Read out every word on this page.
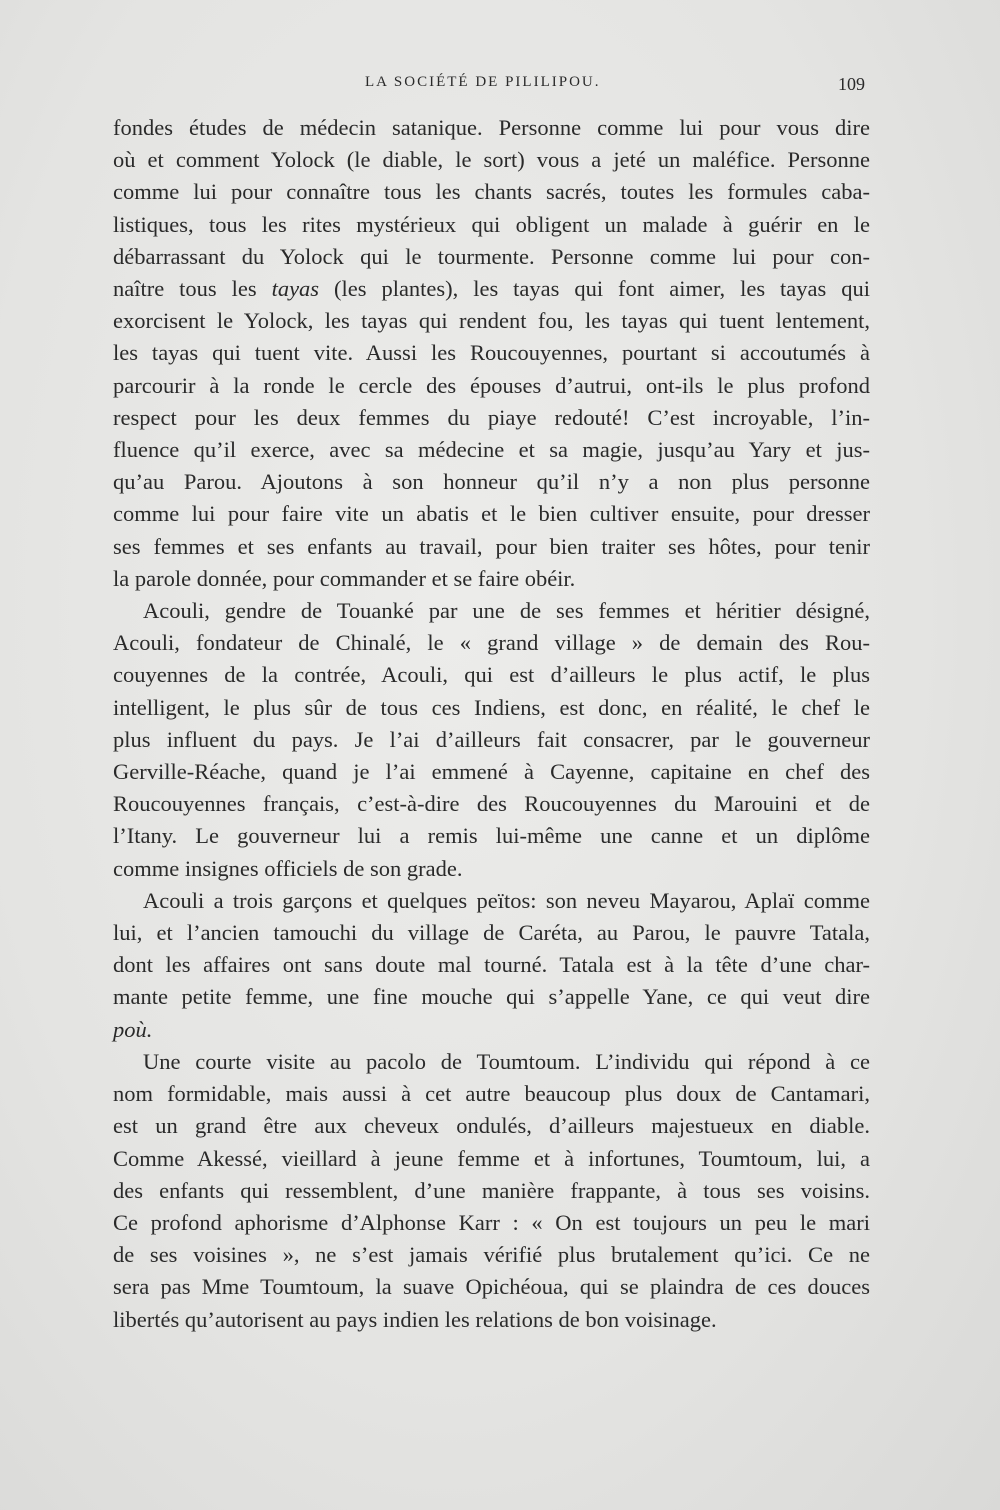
LA SOCIÉTÉ DE PILILIPOU.	109
fondes études de médecin satanique. Personne comme lui pour vous dire
où et comment Yolock (le diable, le sort) vous a jeté un maléfice. Personne
comme lui pour connaître tous les chants sacrés, toutes les formules caba-
listiques, tous les rites mystérieux qui obligent un malade à guérir en le
débarrassant du Yolock qui le tourmente. Personne comme lui pour con-
naître tous les tayas (les plantes), les tayas qui font aimer, les tayas qui
exorcisent le Yolock, les tayas qui rendent fou, les tayas qui tuent lentement,
les tayas qui tuent vite. Aussi les Roucouyennes, pourtant si accoutumés à
parcourir à la ronde le cercle des épouses d’autrui, ont-ils le plus profond
respect pour les deux femmes du piaye redouté! C’est incroyable, l’in-
fluence qu’il exerce, avec sa médecine et sa magie, jusqu’au Yary et jus-
qu’au Parou. Ajoutons à son honneur qu’il n’y a non plus personne
comme lui pour faire vite un abatis et le bien cultiver ensuite, pour dresser
ses femmes et ses enfants au travail, pour bien traiter ses hôtes, pour tenir
la parole donnée, pour commander et se faire obéir.
Acouli, gendre de Touanké par une de ses femmes et héritier désigné,
Acouli, fondateur de Chinalé, le « grand village » de demain des Rou-
couyennes de la contrée, Acouli, qui est d’ailleurs le plus actif, le plus
intelligent, le plus sûr de tous ces Indiens, est donc, en réalité, le chef le
plus influent du pays. Je l’ai d’ailleurs fait consacrer, par le gouverneur
Gerville-Réache, quand je l’ai emmené à Cayenne, capitaine en chef des
Roucouyennes français, c’est-à-dire des Roucouyennes du Marouini et de
l’Itany. Le gouverneur lui a remis lui-même une canne et un diplôme
comme insignes officiels de son grade.
Acouli a trois garçons et quelques peïtos: son neveu Mayarou, Aplaï comme
lui, et l’ancien tamouchi du village de Caréta, au Parou, le pauvre Tatala,
dont les affaires ont sans doute mal tourné. Tatala est à la tête d’une char-
mante petite femme, une fine mouche qui s’appelle Yane, ce qui veut dire
poù.
Une courte visite au pacolo de Toumtoum. L’individu qui répond à ce
nom formidable, mais aussi à cet autre beaucoup plus doux de Cantamari,
est un grand être aux cheveux ondulés, d’ailleurs majestueux en diable.
Comme Akessé, vieillard à jeune femme et à infortunes, Toumtoum, lui, a
des enfants qui ressemblent, d’une manière frappante, à tous ses voisins.
Ce profond aphorisme d’Alphonse Karr : « On est toujours un peu le mari
de ses voisines », ne s’est jamais vérifié plus brutalement qu’ici. Ce ne
sera pas Mme Toumtoum, la suave Opichéoua, qui se plaindra de ces douces
libertés qu’autorisent au pays indien les relations de bon voisinage.
